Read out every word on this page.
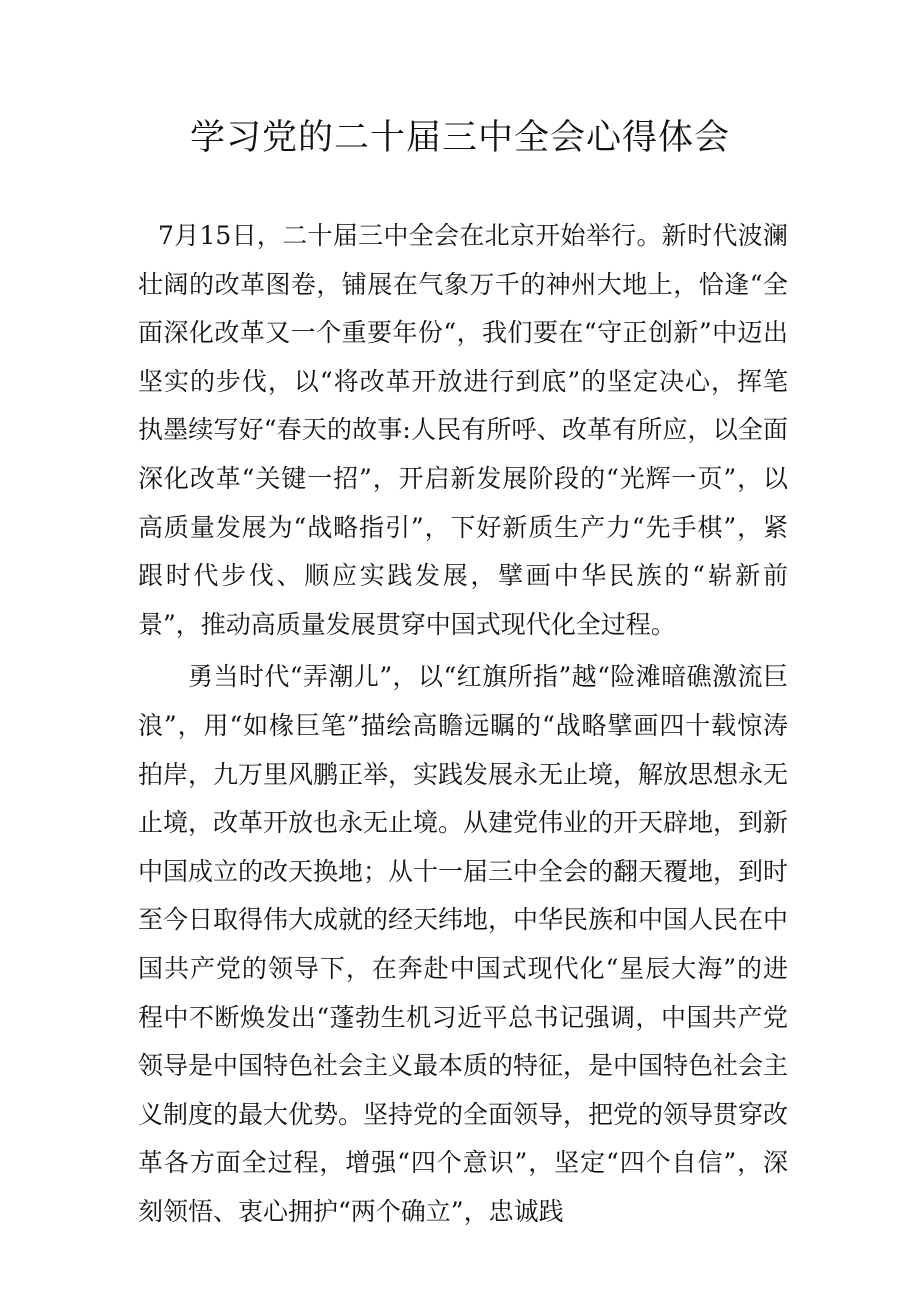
学习党的二十届三中全会心得体会

7月15日，二十届三中全会在北京开始举行。新时代波澜壮阔的改革图卷，铺展在气象万千的神州大地上，恰逢“全面深化改革又一个重要年份“，我们要在“守正创新”中迈出坚实的步伐，以“将改革开放进行到底”的坚定决心，挥笔执墨续写好“春天的故事:人民有所呼、改革有所应，以全面深化改革“关键一招”，开启新发展阶段的“光辉一页”，以高质量发展为“战略指引”，下好新质生产力“先手棋”，紧跟时代步伐、顺应实践发展，擘画中华民族的“崭新前景”，推动高质量发展贯穿中国式现代化全过程。

勇当时代“弄潮儿”，以“红旗所指”越“险滩暗礁激流巨浪”，用“如椽巨笔”描绘高瞻远瞩的“战略擘画四十载惊涛拍岸，九万里风鹏正举，实践发展永无止境，解放思想永无止境，改革开放也永无止境。从建党伟业的开天辟地，到新中国成立的改天换地；从十一届三中全会的翻天覆地，到时至今日取得伟大成就的经天纬地，中华民族和中国人民在中国共产党的领导下，在奔赴中国式现代化“星辰大海”的进程中不断焕发出“蓬勃生机习近平总书记强调，中国共产党领导是中国特色社会主义最本质的特征，是中国特色社会主义制度的最大优势。坚持党的全面领导，把党的领导贯穿改革各方面全过程，增强“四个意识”，坚定“四个自信”，深刻领悟、衷心拥护“两个确立”，忠诚践
